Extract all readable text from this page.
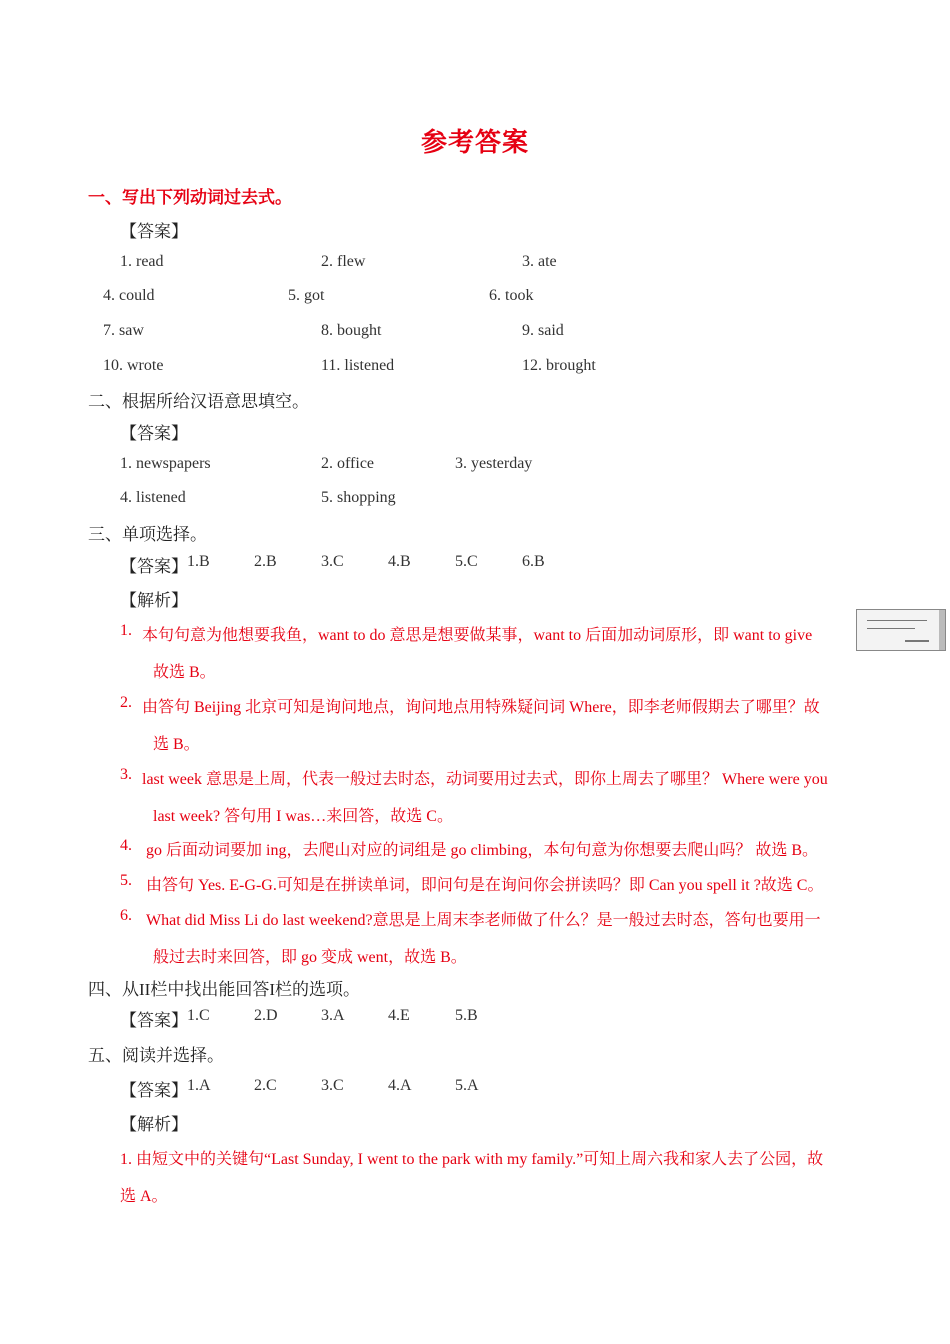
参考答案
一、写出下列动词过去式。
【答案】
1. read	2. flew	3. ate
4. could	5. got	6. took
7. saw	8. bought	9. said
10. wrote	11. listened	12. brought
二、根据所给汉语意思填空。
【答案】
1. newspapers	2. office	3. yesterday
4. listened	5. shopping
三、单项选择。
【答案】 1.B	2.B	3.C	4.B	5.C	6.B
【解析】
1. 本句句意为他想要我鱼，want to do 意思是想要做某事，want to 后面加动词原形，即 want to give
故选 B。
2. 由答句 Beijing 北京可知是询问地点，询问地点用特殊疑问词 Where，即李老师假期去了哪里？故
选 B。
3. last week 意思是上周，代表一般过去时态，动词要用过去式，即你上周去了哪里？ Where were you
last week? 答句用 I was…来回答，故选 C。
4. go 后面动词要加 ing，去爬山对应的词组是 go climbing，本句句意为你想要去爬山吗？ 故选 B。
5. 由答句 Yes. E-G-G.可知是在拼读单词，即问句是在询问你会拼读吗？即 Can you spell it ?故选 C。
6. What did Miss Li do last weekend?意思是上周末李老师做了什么？是一般过去时态，答句也要用一
般过去时来回答，即 go 变成 went，故选 B。
四、从II栏中找出能回答I栏的选项。
【答案】 1.C	2.D	3.A	4.E	5.B
五、阅读并选择。
【答案】 1.A	2.C	3.C	4.A	5.A
【解析】
1. 由短文中的关键句“Last Sunday, I went to the park with my family.”可知上周六我和家人去了公园，故
选 A。
